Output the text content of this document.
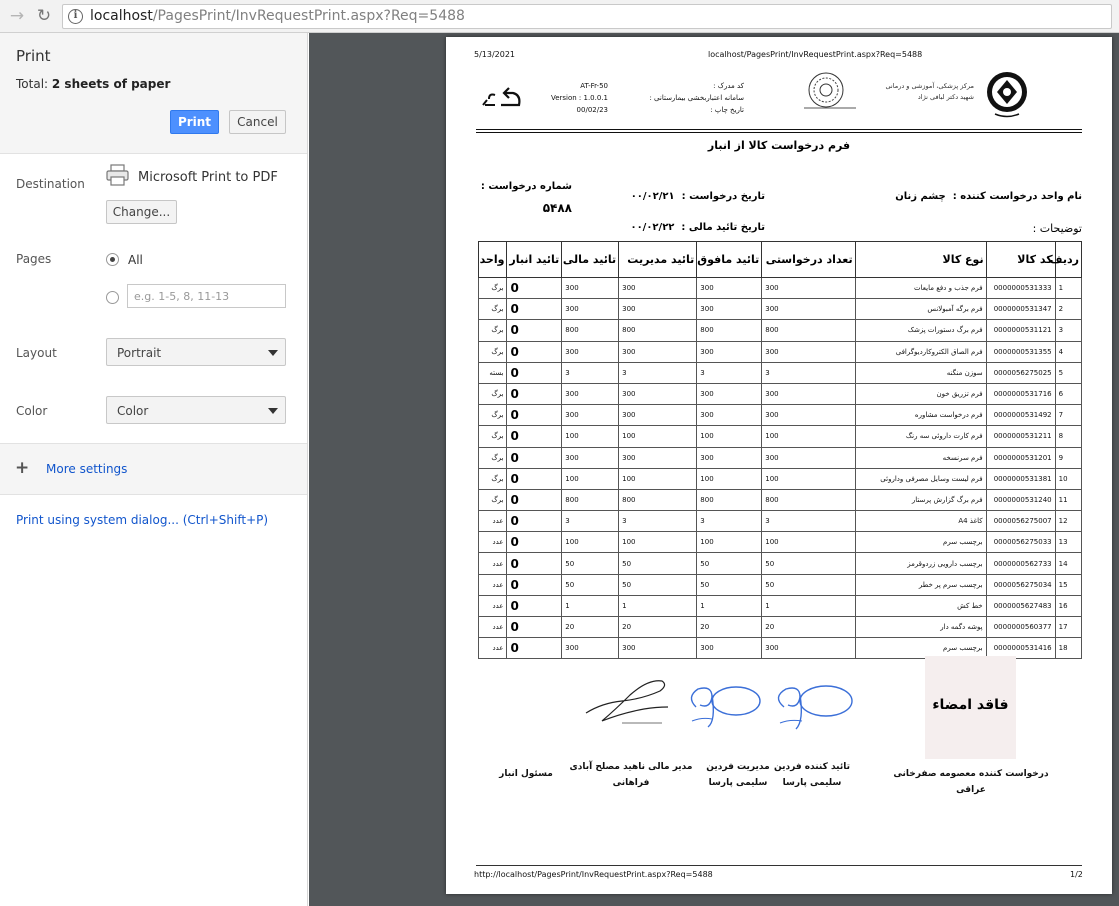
→ ↻	i localhost/PagesPrint/InvRequestPrint.aspx?Req=5488
Print
Total: 2 sheets of paper
Print	Cancel
Destination	Microsoft Print to PDF
Change...
Pages	All
e.g. 1-5, 8, 11-13
Layout	Portrait
Color	Color
+ More settings
Print using system dialog... (Ctrl+Shift+P)
5/13/2021	localhost/PagesPrint/InvRequestPrint.aspx?Req=5488
مرکز پزشکی، آموزشی و درمانی
شهید دکتر لبافی نژاد
کد مدرک :
سامانه اعتباربخشی بیمارستانی :
تاریخ چاپ :
AT-Fr-50
Version : 1.0.0.1
00/02/23
فرم درخواست کالا از انبار
نام واحد درخواست کننده :  چشم زنان
تاریخ درخواست :  ۰۰/۰۲/۲۱
شماره درخواست :
۵۴۸۸
تاریخ تائید مالی :  ۰۰/۰۲/۲۲	توضیحات :
ردیف	کد کالا	نوع کالا	تعداد درخواستی	تائید مافوق	تائید مدیریت	تائید مالی	تائید انبار	واحد
1	0000000531333	فرم جذب و دفع مایعات	300	300	300	300	0	برگ
2	0000000531347	فرم برگه آمبولانس	300	300	300	300	0	برگ
3	0000000531121	فرم برگ دستورات پزشک	800	800	800	800	0	برگ
4	0000000531355	فرم الصاق الکتروکاردیوگرافی	300	300	300	300	0	برگ
5	0000056275025	سوزن منگنه	3	3	3	3	0	بسته
6	0000000531716	فرم تزریق خون	300	300	300	300	0	برگ
7	0000000531492	فرم درخواست مشاوره	300	300	300	300	0	برگ
8	0000000531211	فرم کارت داروئی سه رنگ	100	100	100	100	0	برگ
9	0000000531201	فرم سرنسخه	300	300	300	300	0	برگ
10	0000000531381	فرم لیست وسایل مصرفی وداروئی	100	100	100	100	0	برگ
11	0000000531240	فرم برگ گزارش پرستار	800	800	800	800	0	برگ
12	0000056275007	کاغذ A4	3	3	3	3	0	عدد
13	0000056275033	برچسب سرم	100	100	100	100	0	عدد
14	0000000562733	برچسب دارویی زردوقرمز	50	50	50	50	0	عدد
15	0000056275034	برچسب سرم پر خطر	50	50	50	50	0	عدد
16	0000005627483	خط کش	1	1	1	1	0	عدد
17	0000000560377	پوشه دگمه دار	20	20	20	20	0	عدد
18	0000000531416	برچسب سرم	300	300	300	300	0	عدد
فاقد امضاء
درخواست کننده معصومه صفرخانی عراقی
تائید کننده فردین سلیمی پارسا
مدیریت فردین سلیمی پارسا
مدیر مالی ناهید مصلح آبادی فراهانی
مسئول انبار
http://localhost/PagesPrint/InvRequestPrint.aspx?Req=5488	1/2
